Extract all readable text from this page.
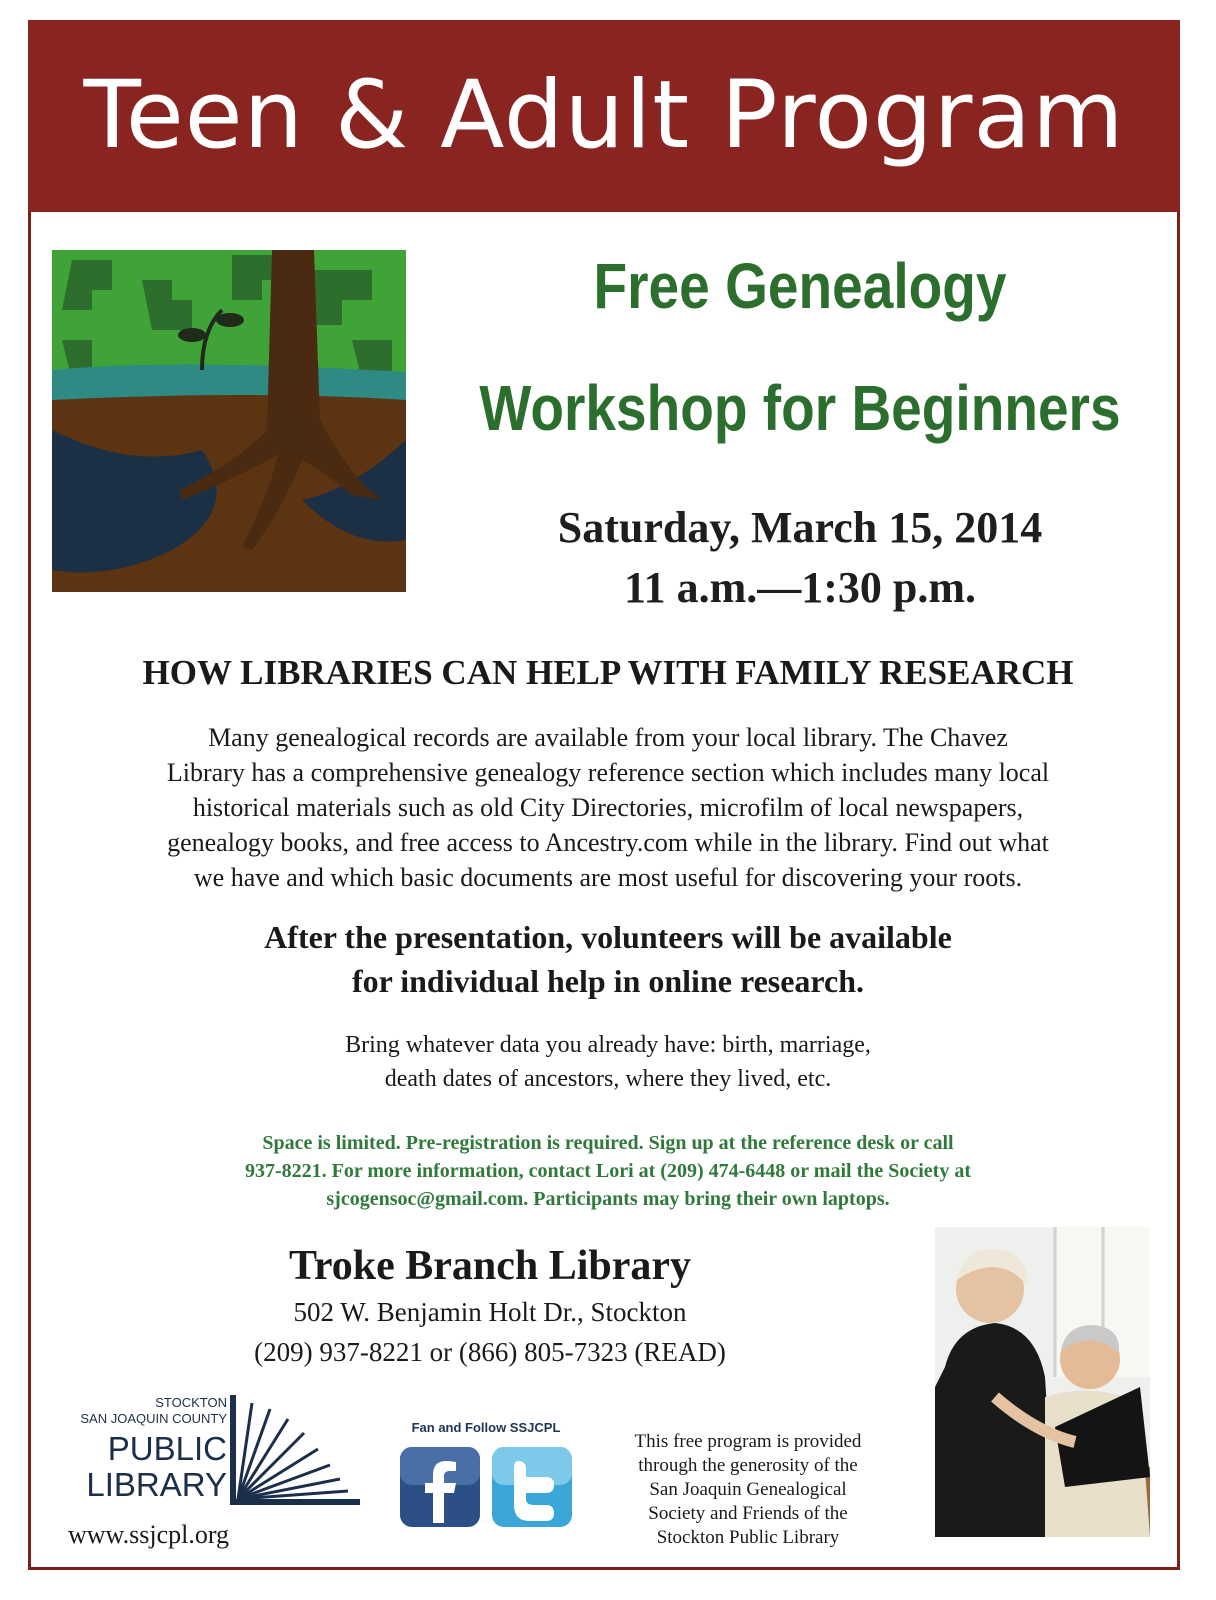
Teen & Adult Program
Free Genealogy
Workshop for Beginners
Saturday, March 15, 2014
11 a.m.—1:30 p.m.
HOW LIBRARIES CAN HELP WITH FAMILY RESEARCH
Many genealogical records are available from your local library. The Chavez
Library has a comprehensive genealogy reference section which includes many local
historical materials such as old City Directories, microfilm of local newspapers,
genealogy books, and free access to Ancestry.com while in the library. Find out what
we have and which basic documents are most useful for discovering your roots.
After the presentation, volunteers will be available
for individual help in online research.
Bring whatever data you already have: birth, marriage,
death dates of ancestors, where they lived, etc.
Space is limited. Pre-registration is required. Sign up at the reference desk or call
937-8221. For more information, contact Lori at (209) 474-6448 or mail the Society at
sjcogensoc@gmail.com. Participants may bring their own laptops.
Troke Branch Library
502 W. Benjamin Holt Dr., Stockton
(209) 937-8221 or (866) 805-7323 (READ)
STOCKTON
SAN JOAQUIN COUNTY
PUBLIC
LIBRARY
www.ssjcpl.org
Fan and Follow SSJCPL
This free program is provided
through the generosity of the
San Joaquin Genealogical
Society and Friends of the
Stockton Public Library
